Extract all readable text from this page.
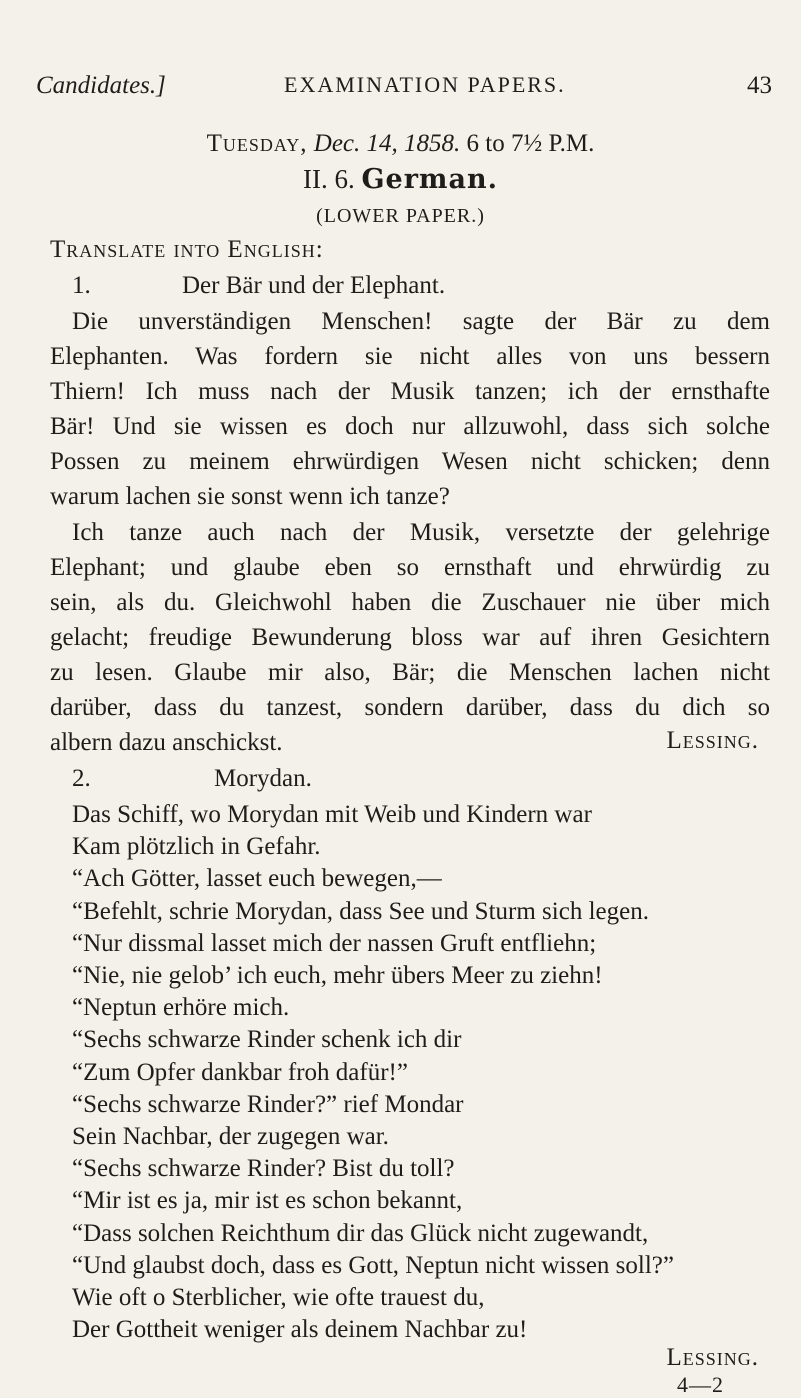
Candidates.]	EXAMINATION PAPERS.	43
Tuesday, Dec. 14, 1858. 6 to 7½ P.M.
II. 6. German.
(LOWER PAPER.)
Translate into English:
1.	Der Bär und der Elephant.
Die unverständigen Menschen! sagte der Bär zu dem
Elephanten. Was fordern sie nicht alles von uns bessern
Thiern! Ich muss nach der Musik tanzen; ich der ernsthafte
Bär! Und sie wissen es doch nur allzuwohl, dass sich solche
Possen zu meinem ehrwürdigen Wesen nicht schicken; denn
warum lachen sie sonst wenn ich tanze?
Ich tanze auch nach der Musik, versetzte der gelehrige
Elephant; und glaube eben so ernsthaft und ehrwürdig zu
sein, als du. Gleichwohl haben die Zuschauer nie über mich
gelacht; freudige Bewunderung bloss war auf ihren Gesichtern
zu lesen. Glaube mir also, Bär; die Menschen lachen nicht
darüber, dass du tanzest, sondern darüber, dass du dich so
albern dazu anschickst.	Lessing.
2.	Morydan.
Das Schiff, wo Morydan mit Weib und Kindern war
Kam plötzlich in Gefahr.
“Ach Götter, lasset euch bewegen,—
“Befehlt, schrie Morydan, dass See und Sturm sich legen.
“Nur dissmal lasset mich der nassen Gruft entfliehn;
“Nie, nie gelob’ ich euch, mehr übers Meer zu ziehn!
“Neptun erhöre mich.
“Sechs schwarze Rinder schenk ich dir
“Zum Opfer dankbar froh dafür!”
“Sechs schwarze Rinder?” rief Mondar
Sein Nachbar, der zugegen war.
“Sechs schwarze Rinder? Bist du toll?
“Mir ist es ja, mir ist es schon bekannt,
“Dass solchen Reichthum dir das Glück nicht zugewandt,
“Und glaubst doch, dass es Gott, Neptun nicht wissen soll?”
Wie oft o Sterblicher, wie ofte trauest du,
Der Gottheit weniger als deinem Nachbar zu!
Lessing.
4—2
